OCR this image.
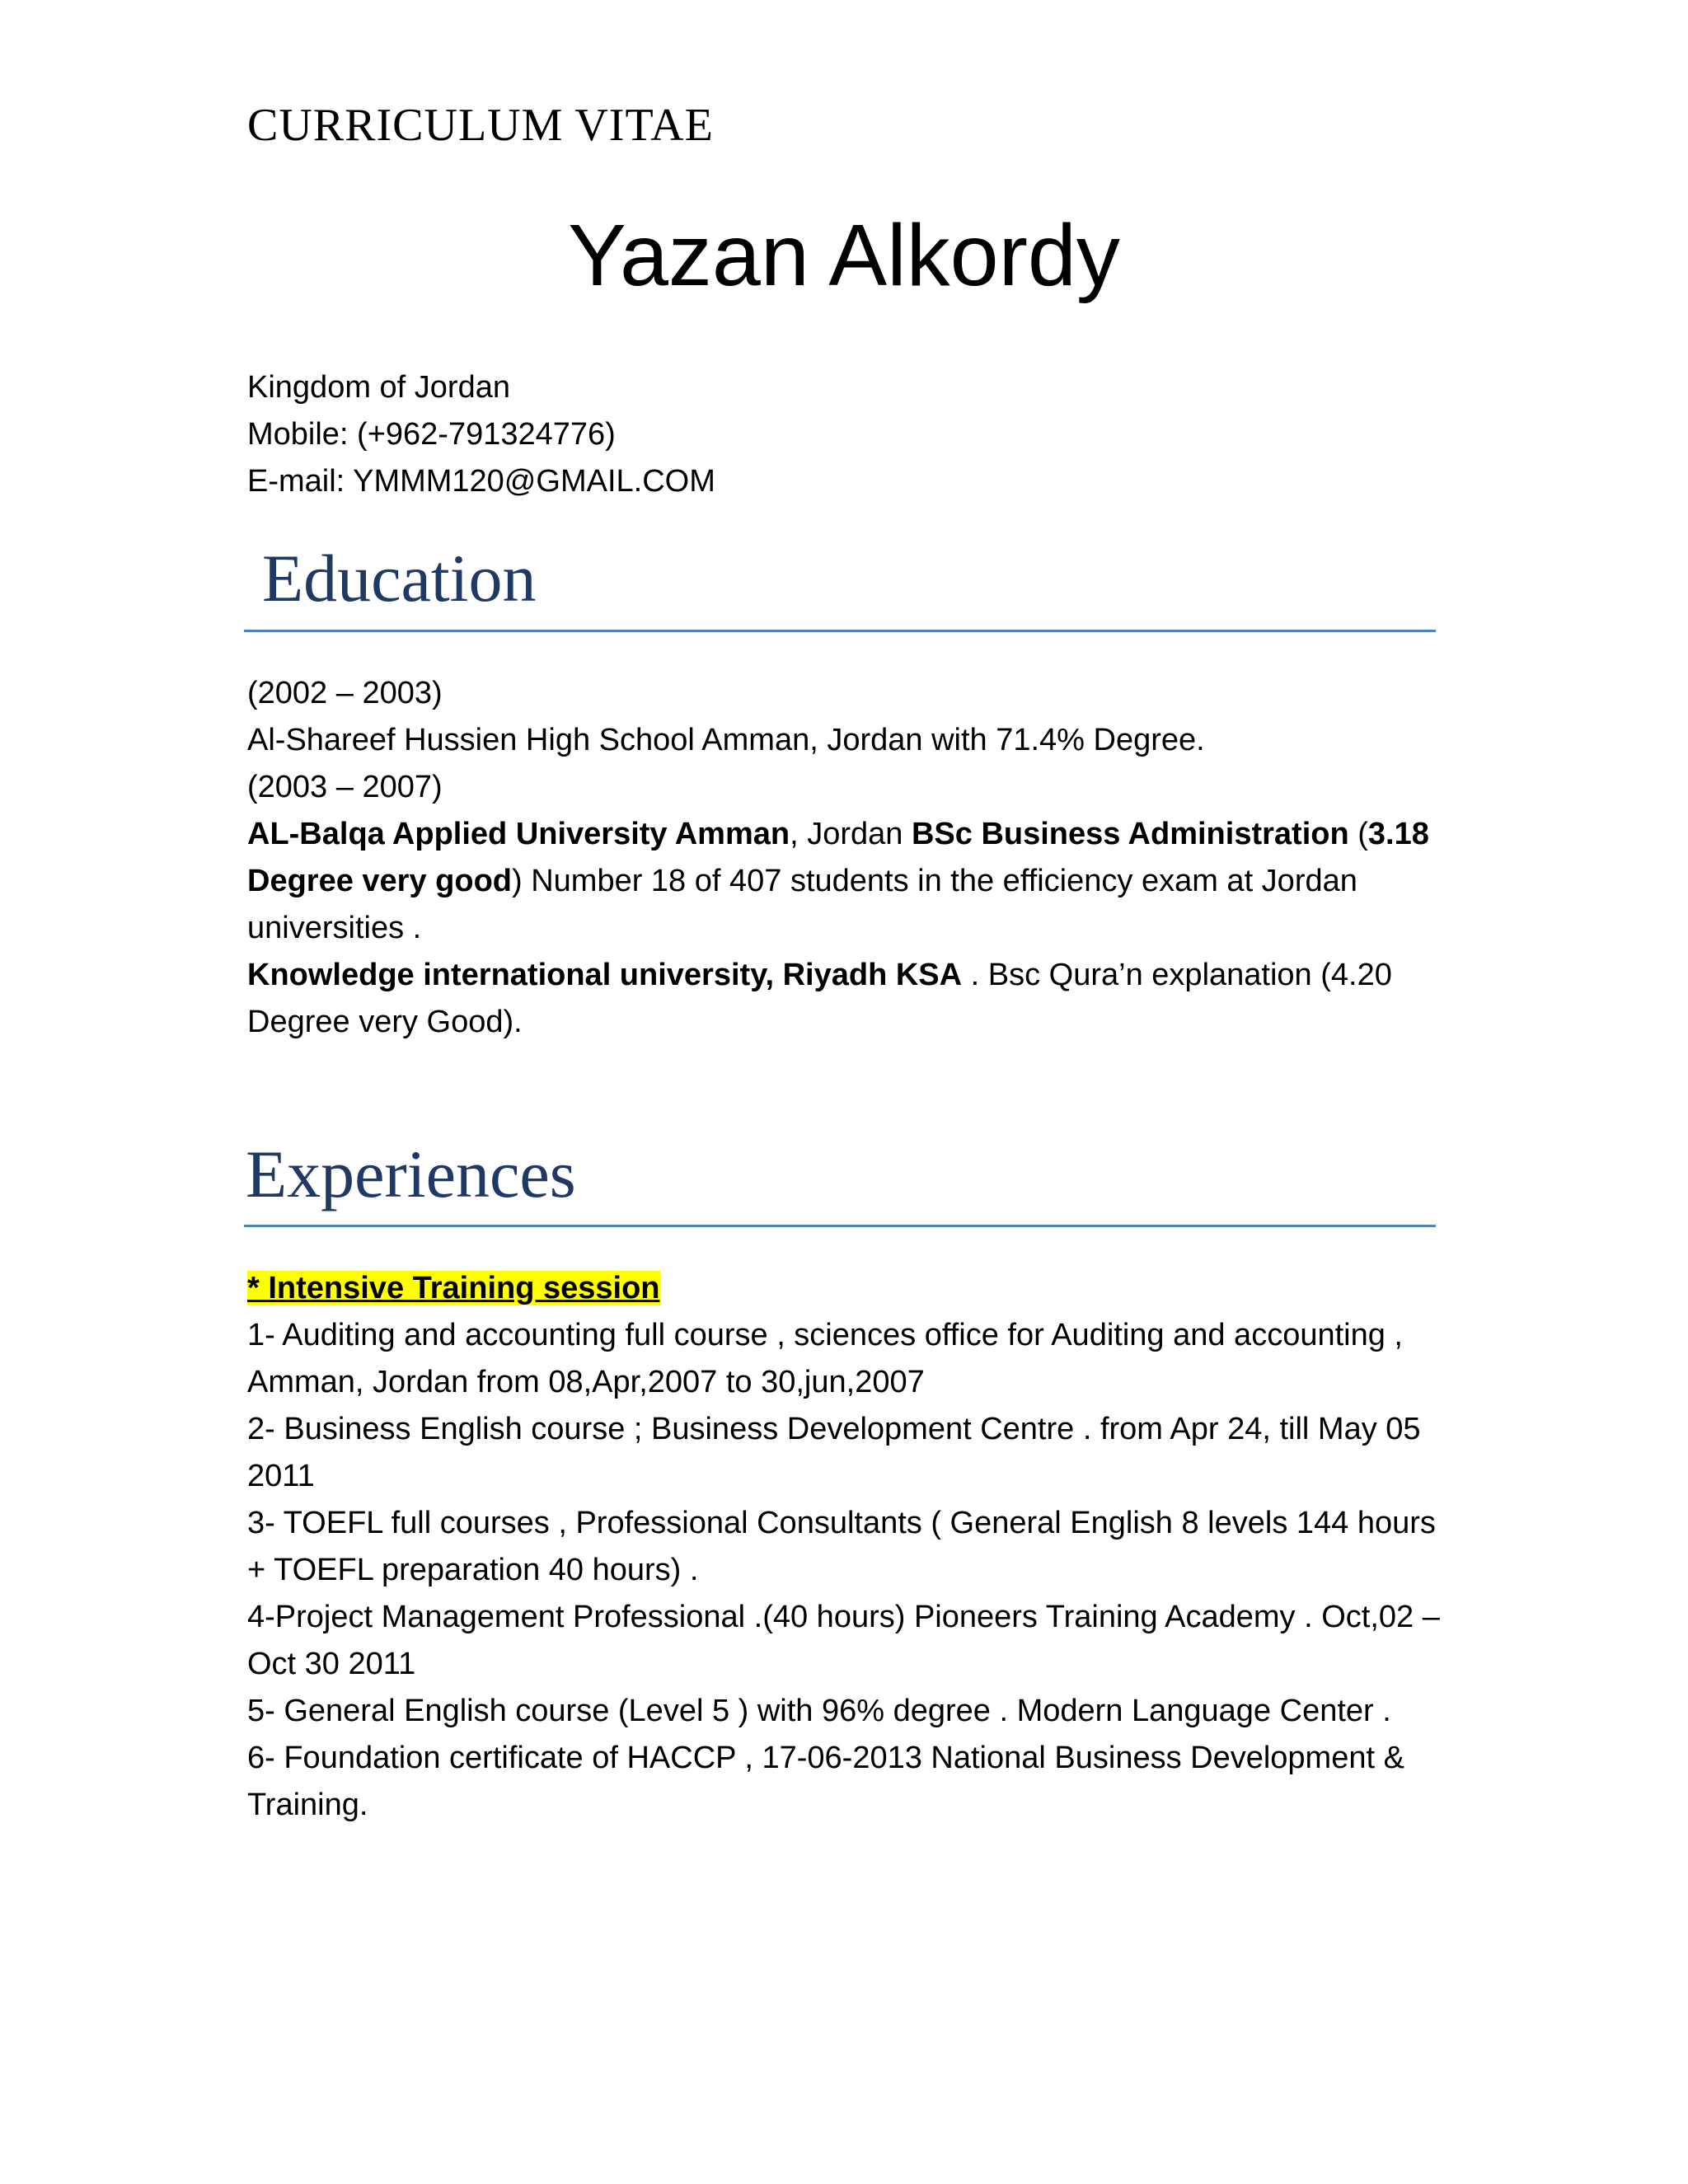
CURRICULUM VITAE
Yazan Alkordy
Kingdom of Jordan
Mobile: (+962-791324776)
E-mail: YMMM120@GMAIL.COM
Education

(2002 – 2003)

Al-Shareef Hussien High School Amman, Jordan with 71.4% Degree.

(2003 – 2007)

AL-Balqa Applied University Amman, Jordan BSc Business Administration (3.18 Degree very good) Number 18 of 407 students in the efficiency exam at Jordan universities .

Knowledge international university, Riyadh KSA . Bsc Qura’n explanation (4.20 Degree very Good).

Experiences

* Intensive Training session

1- Auditing and accounting full course , sciences office for Auditing and accounting , Amman, Jordan from 08,Apr,2007 to 30,jun,2007

2- Business English course ; Business Development Centre . from Apr 24, till May 05 2011

3- TOEFL full courses , Professional Consultants ( General English 8 levels 144 hours + TOEFL preparation 40 hours) .

4-Project Management Professional .(40 hours) Pioneers Training Academy . Oct,02 – Oct 30 2011

5- General English course (Level 5 ) with 96% degree . Modern Language Center .

6- Foundation certificate of HACCP , 17-06-2013 National Business Development & Training.
